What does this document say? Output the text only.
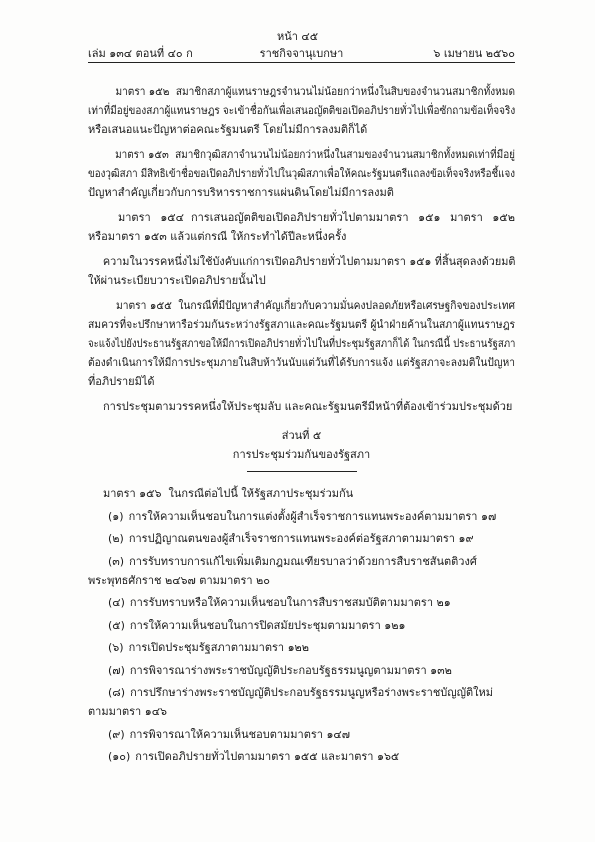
หน้า ๔๕
เล่ม ๑๓๔ ตอนที่ ๔๐ ก	ราชกิจจานุเบกษา	๖ เมษายน ๒๕๖๐
มาตรา ๑๕๒ สมาชิกสภาผู้แทนราษฎรจำนวนไม่น้อยกว่าหนึ่งในสิบของจำนวนสมาชิกทั้งหมด
เท่าที่มีอยู่ของสภาผู้แทนราษฎร จะเข้าชื่อกันเพื่อเสนอญัตติขอเปิดอภิปรายทั่วไปเพื่อซักถามข้อเท็จจริง
หรือเสนอแนะปัญหาต่อคณะรัฐมนตรี โดยไม่มีการลงมติก็ได้
มาตรา ๑๕๓ สมาชิกวุฒิสภาจำนวนไม่น้อยกว่าหนึ่งในสามของจำนวนสมาชิกทั้งหมดเท่าที่มีอยู่
ของวุฒิสภา มีสิทธิเข้าชื่อขอเปิดอภิปรายทั่วไปในวุฒิสภาเพื่อให้คณะรัฐมนตรีแถลงข้อเท็จจริงหรือชี้แจง
ปัญหาสำคัญเกี่ยวกับการบริหารราชการแผ่นดินโดยไม่มีการลงมติ
มาตรา ๑๕๔ การเสนอญัตติขอเปิดอภิปรายทั่วไปตามมาตรา ๑๕๑ มาตรา ๑๕๒
หรือมาตรา ๑๕๓ แล้วแต่กรณี ให้กระทำได้ปีละหนึ่งครั้ง
ความในวรรคหนึ่งไม่ใช้บังคับแก่การเปิดอภิปรายทั่วไปตามมาตรา ๑๕๑ ที่สิ้นสุดลงด้วยมติ
ให้ผ่านระเบียบวาระเปิดอภิปรายนั้นไป
มาตรา ๑๕๕ ในกรณีที่มีปัญหาสำคัญเกี่ยวกับความมั่นคงปลอดภัยหรือเศรษฐกิจของประเทศ
สมควรที่จะปรึกษาหารือร่วมกันระหว่างรัฐสภาและคณะรัฐมนตรี ผู้นำฝ่ายค้านในสภาผู้แทนราษฎร
จะแจ้งไปยังประธานรัฐสภาขอให้มีการเปิดอภิปรายทั่วไปในที่ประชุมรัฐสภาก็ได้ ในกรณีนี้ ประธานรัฐสภา
ต้องดำเนินการให้มีการประชุมภายในสิบห้าวันนับแต่วันที่ได้รับการแจ้ง แต่รัฐสภาจะลงมติในปัญหา
ที่อภิปรายมิได้
การประชุมตามวรรคหนึ่งให้ประชุมลับ และคณะรัฐมนตรีมีหน้าที่ต้องเข้าร่วมประชุมด้วย
ส่วนที่ ๕
การประชุมร่วมกันของรัฐสภา
มาตรา ๑๕๖ ในกรณีต่อไปนี้ ให้รัฐสภาประชุมร่วมกัน
(๑) การให้ความเห็นชอบในการแต่งตั้งผู้สำเร็จราชการแทนพระองค์ตามมาตรา ๑๗
(๒) การปฏิญาณตนของผู้สำเร็จราชการแทนพระองค์ต่อรัฐสภาตามมาตรา ๑๙
(๓) การรับทราบการแก้ไขเพิ่มเติมกฎมณเฑียรบาลว่าด้วยการสืบราชสันตติวงศ์
พระพุทธศักราช ๒๔๖๗ ตามมาตรา ๒๐
(๔) การรับทราบหรือให้ความเห็นชอบในการสืบราชสมบัติตามมาตรา ๒๑
(๕) การให้ความเห็นชอบในการปิดสมัยประชุมตามมาตรา ๑๒๑
(๖) การเปิดประชุมรัฐสภาตามมาตรา ๑๒๒
(๗) การพิจารณาร่างพระราชบัญญัติประกอบรัฐธรรมนูญตามมาตรา ๑๓๒
(๘) การปรึกษาร่างพระราชบัญญัติประกอบรัฐธรรมนูญหรือร่างพระราชบัญญัติใหม่
ตามมาตรา ๑๔๖
(๙) การพิจารณาให้ความเห็นชอบตามมาตรา ๑๔๗
(๑๐) การเปิดอภิปรายทั่วไปตามมาตรา ๑๕๕ และมาตรา ๑๖๕
